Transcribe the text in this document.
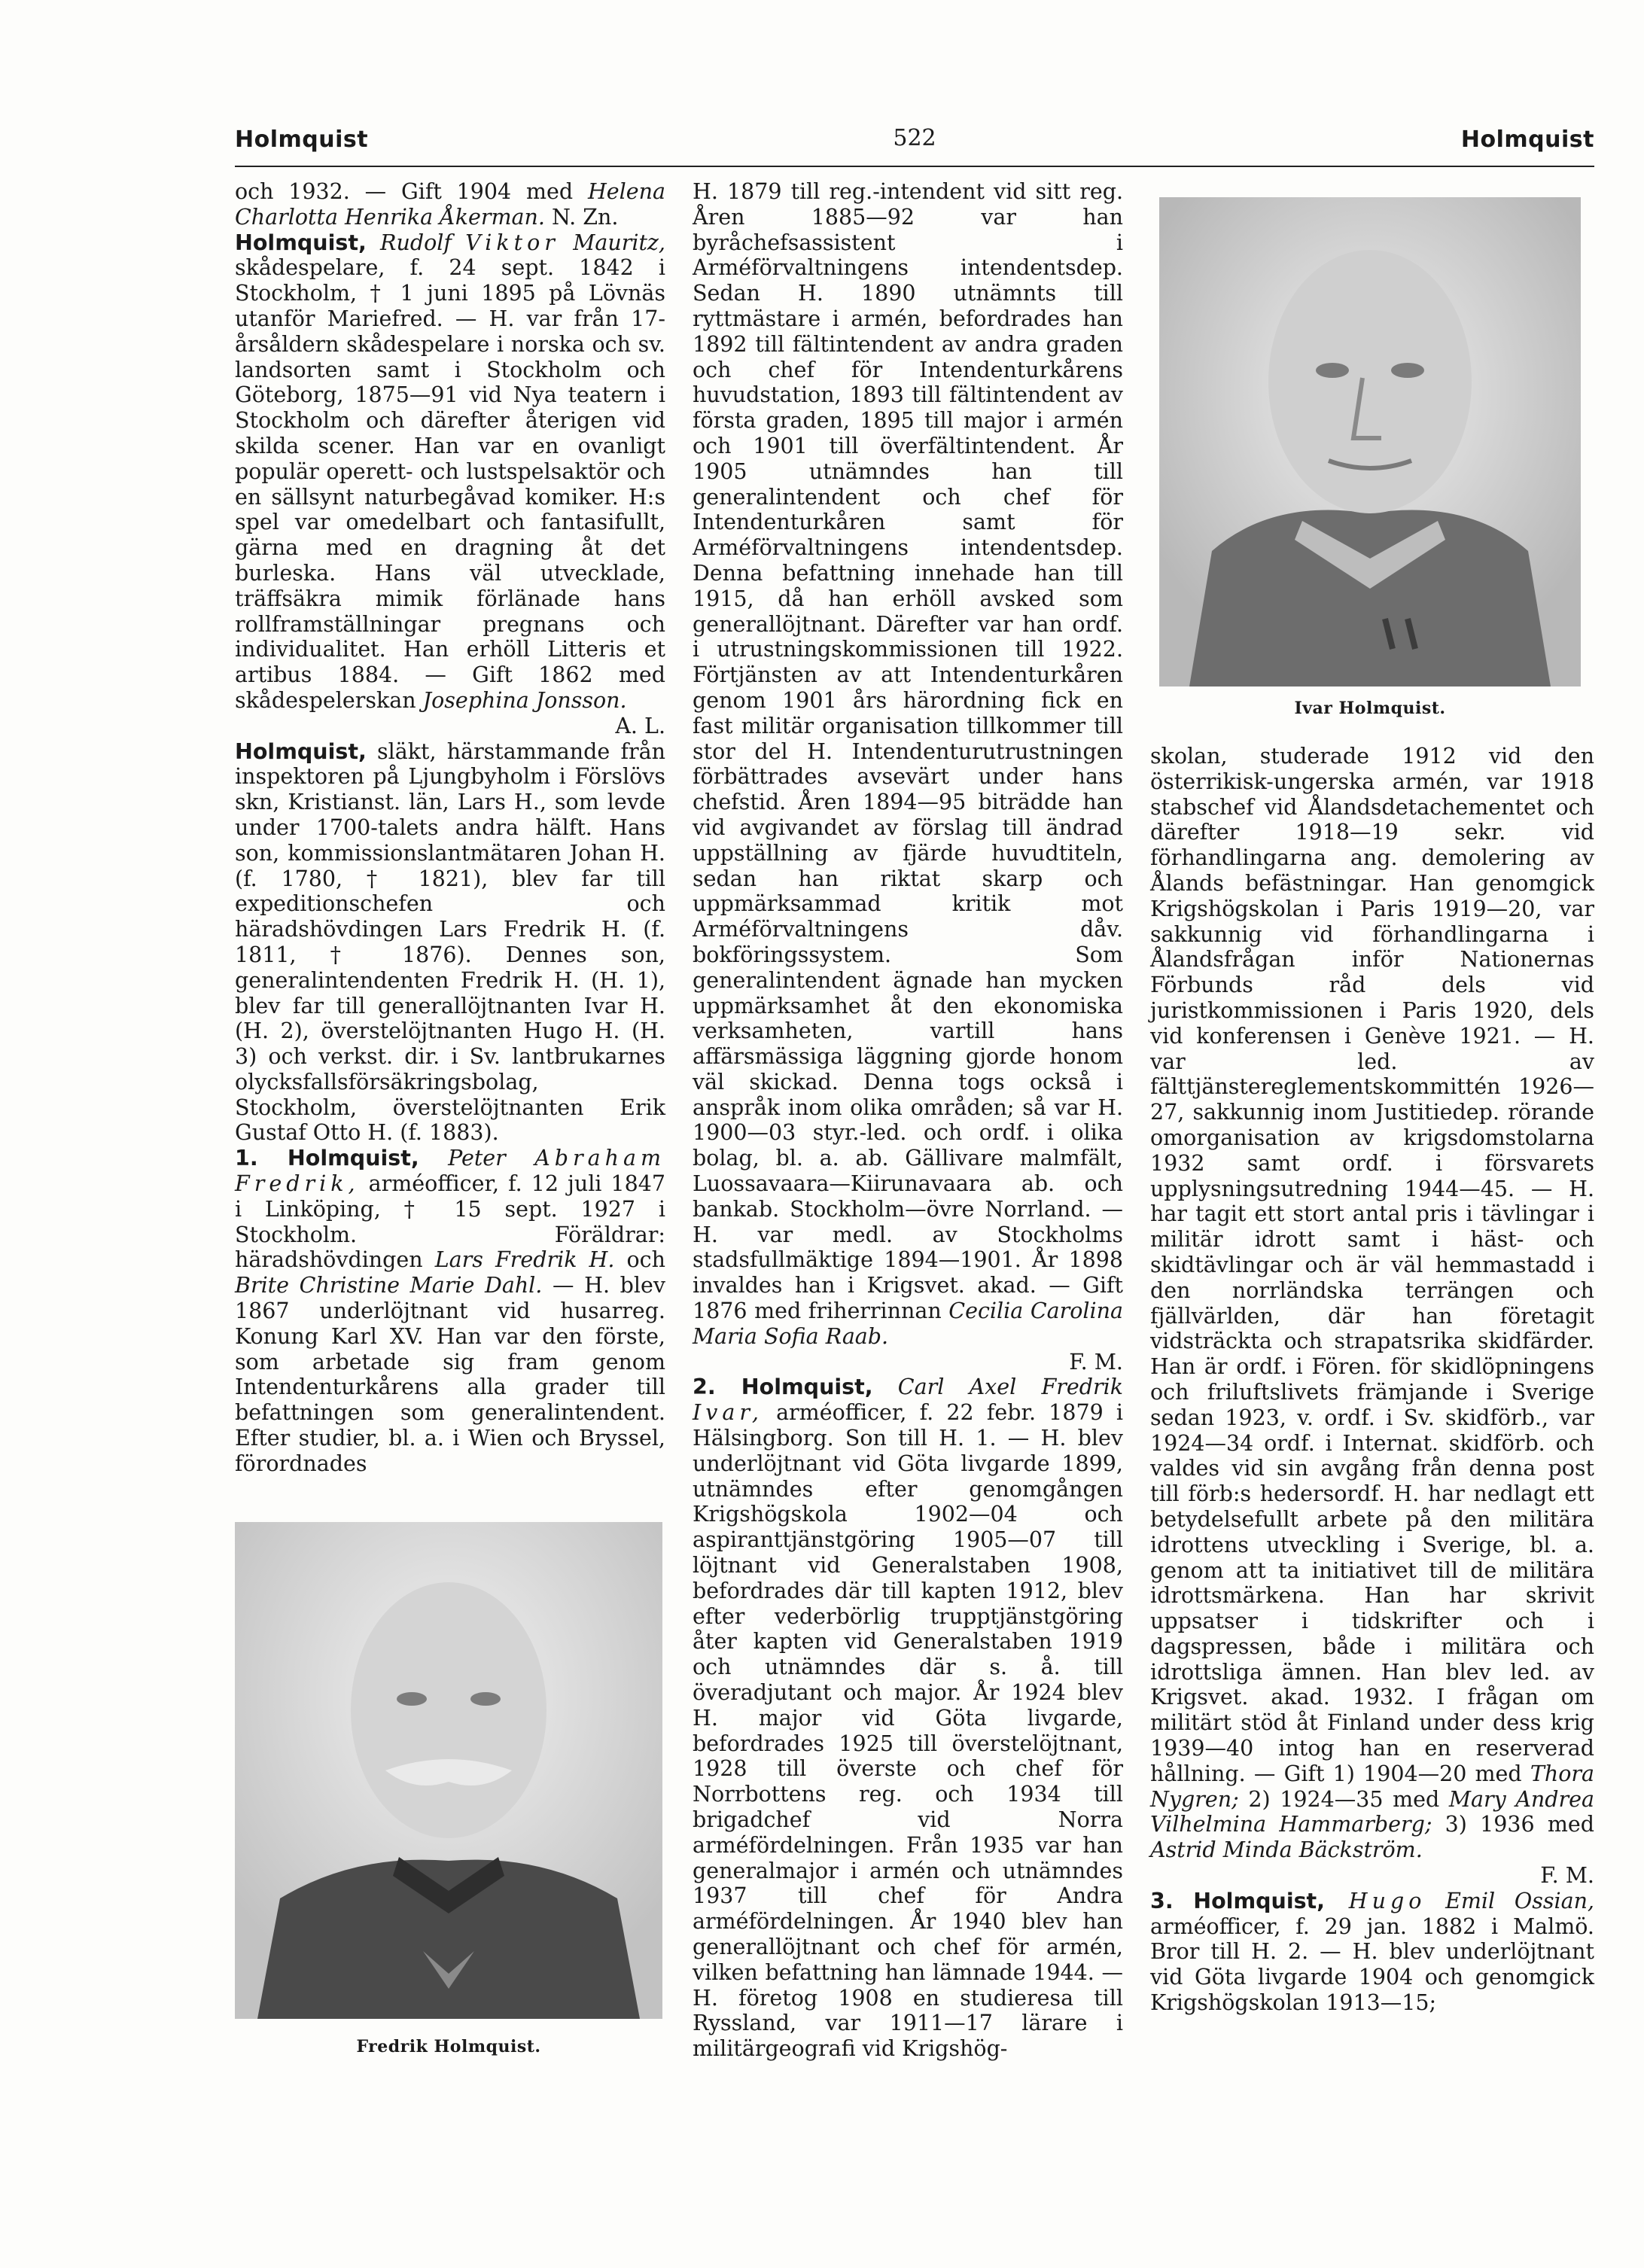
Holmquist	522	Holmquist

och 1932. — Gift 1904 med Helena Charlotta Henrika Åkerman. N. Zn.

Holmquist, Rudolf Viktor Mauritz, skådespelare, f. 24 sept. 1842 i Stockholm, † 1 juni 1895 på Lövnäs utanför Mariefred. — H. var från 17-årsåldern skådespelare i norska och sv. landsorten samt i Stockholm och Göteborg, 1875—91 vid Nya teatern i Stockholm och därefter återigen vid skilda scener. Han var en ovanligt populär operett- och lustspelsaktör och en sällsynt naturbegåvad komiker. H:s spel var omedelbart och fantasifullt, gärna med en dragning åt det burleska. Hans väl utvecklade, träffsäkra mimik förlänade hans rollframställningar pregnans och individualitet. Han erhöll Litteris et artibus 1884. — Gift 1862 med skådespelerskan Josephina Jonsson.
A. L.

Holmquist, släkt, härstammande från inspektoren på Ljungbyholm i Förslövs skn, Kristianst. län, Lars H., som levde under 1700-talets andra hälft. Hans son, kommissionslantmätaren Johan H. (f. 1780, † 1821), blev far till expeditionschefen och häradshövdingen Lars Fredrik H. (f. 1811, † 1876). Dennes son, generalintendenten Fredrik H. (H. 1), blev far till generallöjtnanten Ivar H. (H. 2), överstelöjtnanten Hugo H. (H. 3) och verkst. dir. i Sv. lantbrukarnes olycksfallsförsäkringsbolag, Stockholm, överstelöjtnanten Erik Gustaf Otto H. (f. 1883).

1. Holmquist, Peter Abraham Fredrik, arméofficer, f. 12 juli 1847 i Linköping, † 15 sept. 1927 i Stockholm. Föräldrar: häradshövdingen Lars Fredrik H. och Brite Christine Marie Dahl. — H. blev 1867 underlöjtnant vid husarreg. Konung Karl XV. Han var den förste, som arbetade sig fram genom Intendenturkårens alla grader till befattningen som generalintendent. Efter studier, bl. a. i Wien och Bryssel, förordnades

H. 1879 till reg.-intendent vid sitt reg. Åren 1885—92 var han byråchefsassistent i Arméförvaltningens intendentsdep. Sedan H. 1890 utnämnts till ryttmästare i armén, befordrades han 1892 till fältintendent av andra graden och chef för Intendenturkårens huvudstation, 1893 till fältintendent av första graden, 1895 till major i armén och 1901 till överfältintendent. År 1905 utnämndes han till generalintendent och chef för Intendenturkåren samt för Arméförvaltningens intendentsdep. Denna befattning innehade han till 1915, då han erhöll avsked som generallöjtnant. Därefter var han ordf. i utrustningskommissionen till 1922. Förtjänsten av att Intendenturkåren genom 1901 års härordning fick en fast militär organisation tillkommer till stor del H. Intendenturutrustningen förbättrades avsevärt under hans chefstid. Åren 1894—95 biträdde han vid avgivandet av förslag till ändrad uppställning av fjärde huvudtiteln, sedan han riktat skarp och uppmärksammad kritik mot Arméförvaltningens dåv. bokföringssystem. Som generalintendent ägnade han mycken uppmärksamhet åt den ekonomiska verksamheten, vartill hans affärsmässiga läggning gjorde honom väl skickad. Denna togs också i anspråk inom olika områden; så var H. 1900—03 styr.-led. och ordf. i olika bolag, bl. a. ab. Gällivare malmfält, Luossavaara—Kiirunavaara ab. och bankab. Stockholm—övre Norrland. — H. var medl. av Stockholms stadsfullmäktige 1894—1901. År 1898 invaldes han i Krigsvet. akad. — Gift 1876 med friherrinnan Cecilia Carolina Maria Sofia Raab.
F. M.

2. Holmquist, Carl Axel Fredrik Ivar, arméofficer, f. 22 febr. 1879 i Hälsingborg. Son till H. 1. — H. blev underlöjtnant vid Göta livgarde 1899, utnämndes efter genomgången Krigshögskola 1902—04 och aspiranttjänstgöring 1905—07 till löjtnant vid Generalstaben 1908, befordrades där till kapten 1912, blev efter vederbörlig trupptjänstgöring åter kapten vid Generalstaben 1919 och utnämndes där s. å. till överadjutant och major. År 1924 blev H. major vid Göta livgarde, befordrades 1925 till överstelöjtnant, 1928 till överste och chef för Norrbottens reg. och 1934 till brigadchef vid Norra arméfördelningen. Från 1935 var han generalmajor i armén och utnämndes 1937 till chef för Andra arméfördelningen. År 1940 blev han generallöjtnant och chef för armén, vilken befattning han lämnade 1944. — H. företog 1908 en studieresa till Ryssland, var 1911—17 lärare i militärgeografi vid Krigshög-

skolan, studerade 1912 vid den österrikisk-ungerska armén, var 1918 stabschef vid Ålandsdetachementet och därefter 1918—19 sekr. vid förhandlingarna ang. demolering av Ålands befästningar. Han genomgick Krigshögskolan i Paris 1919—20, var sakkunnig vid förhandlingarna i Ålandsfrågan inför Nationernas Förbunds råd dels vid juristkommissionen i Paris 1920, dels vid konferensen i Genève 1921. — H. var led. av fälttjänstereglementskommittén 1926—27, sakkunnig inom Justitiedep. rörande omorganisation av krigsdomstolarna 1932 samt ordf. i försvarets upplysningsutredning 1944—45. — H. har tagit ett stort antal pris i tävlingar i militär idrott samt i häst- och skidtävlingar och är väl hemmastadd i den norrländska terrängen och fjällvärlden, där han företagit vidsträckta och strapatsrika skidfärder. Han är ordf. i Fören. för skidlöpningens och friluftslivets främjande i Sverige sedan 1923, v. ordf. i Sv. skidförb., var 1924—34 ordf. i Internat. skidförb. och valdes vid sin avgång från denna post till förb:s hedersordf. H. har nedlagt ett betydelsefullt arbete på den militära idrottens utveckling i Sverige, bl. a. genom att ta initiativet till de militära idrottsmärkena. Han har skrivit uppsatser i tidskrifter och i dagspressen, både i militära och idrottsliga ämnen. Han blev led. av Krigsvet. akad. 1932. I frågan om militärt stöd åt Finland under dess krig 1939—40 intog han en reserverad hållning. — Gift 1) 1904—20 med Thora Nygren; 2) 1924—35 med Mary Andrea Vilhelmina Hammarberg; 3) 1936 med Astrid Minda Bäckström.
F. M.

3. Holmquist, Hugo Emil Ossian, arméofficer, f. 29 jan. 1882 i Malmö. Bror till H. 2. — H. blev underlöjtnant vid Göta livgarde 1904 och genomgick Krigshögskolan 1913—15;

Ivar Holmquist.
Fredrik Holmquist.
